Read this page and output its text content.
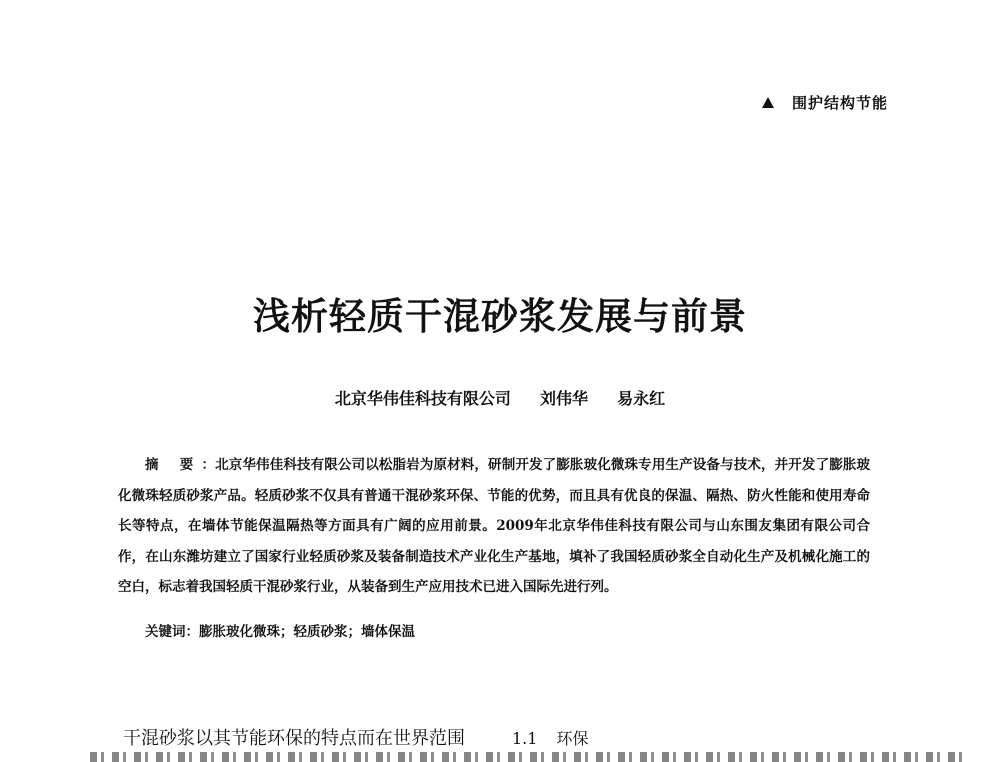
围护结构节能
浅析轻质干混砂浆发展与前景
北京华伟佳科技有限公司 刘伟华 易永红
摘 要：北京华伟佳科技有限公司以松脂岩为原材料，研制开发了膨胀玻化微珠专用生产设备与技术，并开发了膨胀玻化微珠轻质砂浆产品。轻质砂浆不仅具有普通干混砂浆环保、节能的优势，而且具有优良的保温、隔热、防火性能和使用寿命长等特点，在墙体节能保温隔热等方面具有广阔的应用前景。2009年北京华伟佳科技有限公司与山东围友集团有限公司合作，在山东潍坊建立了国家行业轻质砂浆及装备制造技术产业化生产基地，填补了我国轻质砂浆全自动化生产及机械化施工的空白，标志着我国轻质干混砂浆行业，从装备到生产应用技术已进入国际先进行列。
关键词：膨胀玻化微珠；轻质砂浆；墙体保温
干混砂浆以其节能环保的特点而在世界范围	1.1 环保
